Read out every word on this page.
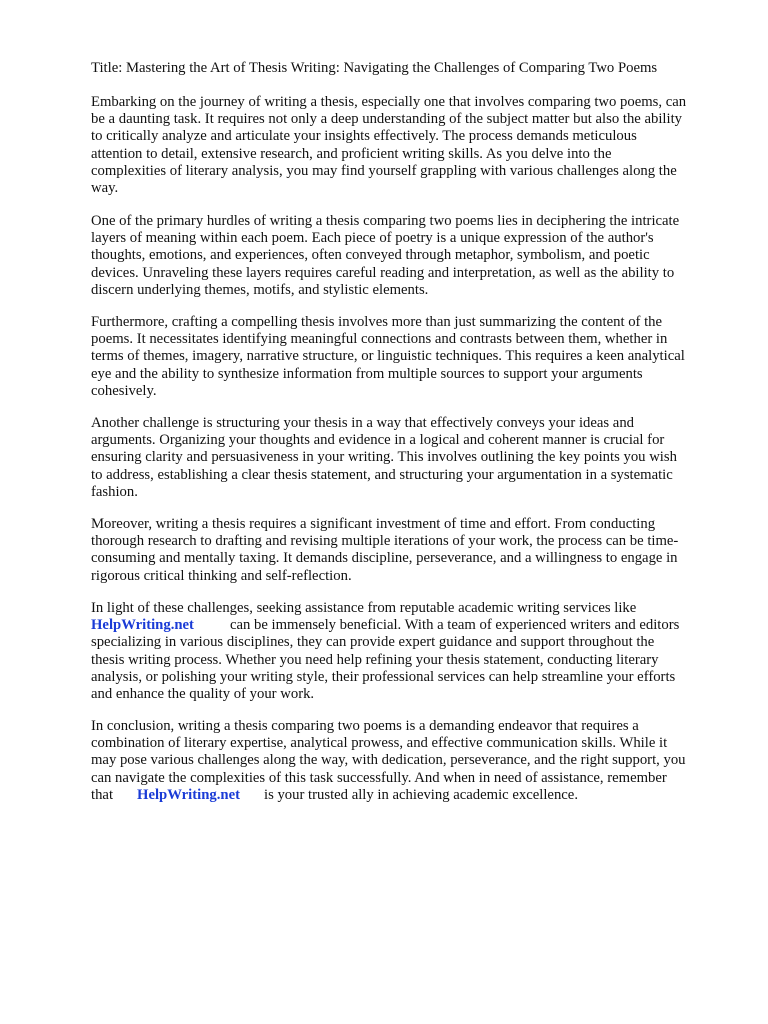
Title: Mastering the Art of Thesis Writing: Navigating the Challenges of Comparing Two Poems
Embarking on the journey of writing a thesis, especially one that involves comparing two poems, can
be a daunting task. It requires not only a deep understanding of the subject matter but also the ability
to critically analyze and articulate your insights effectively. The process demands meticulous
attention to detail, extensive research, and proficient writing skills. As you delve into the
complexities of literary analysis, you may find yourself grappling with various challenges along the
way.
One of the primary hurdles of writing a thesis comparing two poems lies in deciphering the intricate
layers of meaning within each poem. Each piece of poetry is a unique expression of the author's
thoughts, emotions, and experiences, often conveyed through metaphor, symbolism, and poetic
devices. Unraveling these layers requires careful reading and interpretation, as well as the ability to
discern underlying themes, motifs, and stylistic elements.
Furthermore, crafting a compelling thesis involves more than just summarizing the content of the
poems. It necessitates identifying meaningful connections and contrasts between them, whether in
terms of themes, imagery, narrative structure, or linguistic techniques. This requires a keen analytical
eye and the ability to synthesize information from multiple sources to support your arguments
cohesively.
Another challenge is structuring your thesis in a way that effectively conveys your ideas and
arguments. Organizing your thoughts and evidence in a logical and coherent manner is crucial for
ensuring clarity and persuasiveness in your writing. This involves outlining the key points you wish
to address, establishing a clear thesis statement, and structuring your argumentation in a systematic
fashion.
Moreover, writing a thesis requires a significant investment of time and effort. From conducting
thorough research to drafting and revising multiple iterations of your work, the process can be time-
consuming and mentally taxing. It demands discipline, perseverance, and a willingness to engage in
rigorous critical thinking and self-reflection.
In light of these challenges, seeking assistance from reputable academic writing services like
HelpWriting.net can be immensely beneficial. With a team of experienced writers and editors
specializing in various disciplines, they can provide expert guidance and support throughout the
thesis writing process. Whether you need help refining your thesis statement, conducting literary
analysis, or polishing your writing style, their professional services can help streamline your efforts
and enhance the quality of your work.
In conclusion, writing a thesis comparing two poems is a demanding endeavor that requires a
combination of literary expertise, analytical prowess, and effective communication skills. While it
may pose various challenges along the way, with dedication, perseverance, and the right support, you
can navigate the complexities of this task successfully. And when in need of assistance, remember
that HelpWriting.net is your trusted ally in achieving academic excellence.
